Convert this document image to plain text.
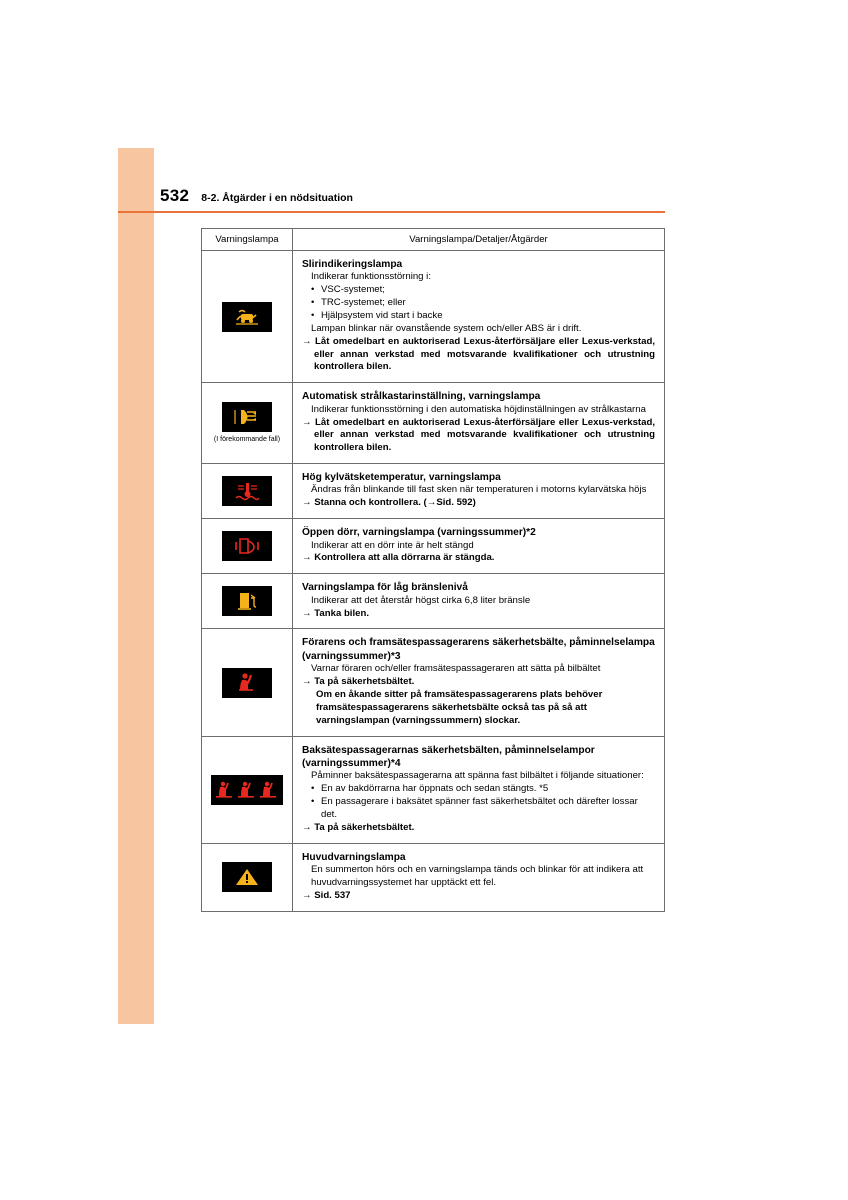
532 8-2. Åtgärder i en nödsituation
Varningslampa	Varningslampa/Detaljer/Åtgärder

Slirindikeringslampa

Indikerar funktionsstörning i:

• VSC-systemet;

• TRC-systemet; eller

• Hjälpsystem vid start i backe

Lampan blinkar när ovanstående system och/eller ABS är i drift.

→ Låt omedelbart en auktoriserad Lexus-återförsäljare eller Lexus-verkstad, eller annan verkstad med motsvarande kvalifikationer och utrustning kontrollera bilen.

(I förekommande fall)

Automatisk strålkastarinställning, varningslampa

Indikerar funktionsstörning i den automatiska höjdinställningen av strålkastarna

→ Låt omedelbart en auktoriserad Lexus-återförsäljare eller Lexus-verkstad, eller annan verkstad med motsvarande kvalifikationer och utrustning kontrollera bilen.

Hög kylvätsketemperatur, varningslampa

Ändras från blinkande till fast sken när temperaturen i motorns kylarvätska höjs

→ Stanna och kontrollera. (→Sid. 592)

Öppen dörr, varningslampa (varningssummer)*2

Indikerar att en dörr inte är helt stängd

→ Kontrollera att alla dörrarna är stängda.

Varningslampa för låg bränslenivå

Indikerar att det återstår högst cirka 6,8 liter bränsle

→ Tanka bilen.

Förarens och framsätespassagerarens säkerhetsbälte, påminnelselampa (varningssummer)*3

Varnar föraren och/eller framsätespassageraren att sätta på bilbältet

→ Ta på säkerhetsbältet.

Om en åkande sitter på framsätespassagerarens plats behöver framsätespassagerarens säkerhetsbälte också tas på så att varningslampan (varningssummern) slockar.

Baksätespassagerarnas säkerhetsbälten, påminnelselampor (varningssummer)*4

Påminner baksätespassagerarna att spänna fast bilbältet i följande situationer:

• En av bakdörrarna har öppnats och sedan stängts. *5

• En passagerare i baksätet spänner fast säkerhetsbältet och därefter lossar det.

→ Ta på säkerhetsbältet.

Huvudvarningslampa

En summerton hörs och en varningslampa tänds och blinkar för att indikera att huvudvarningssystemet har upptäckt ett fel.

→ Sid. 537
